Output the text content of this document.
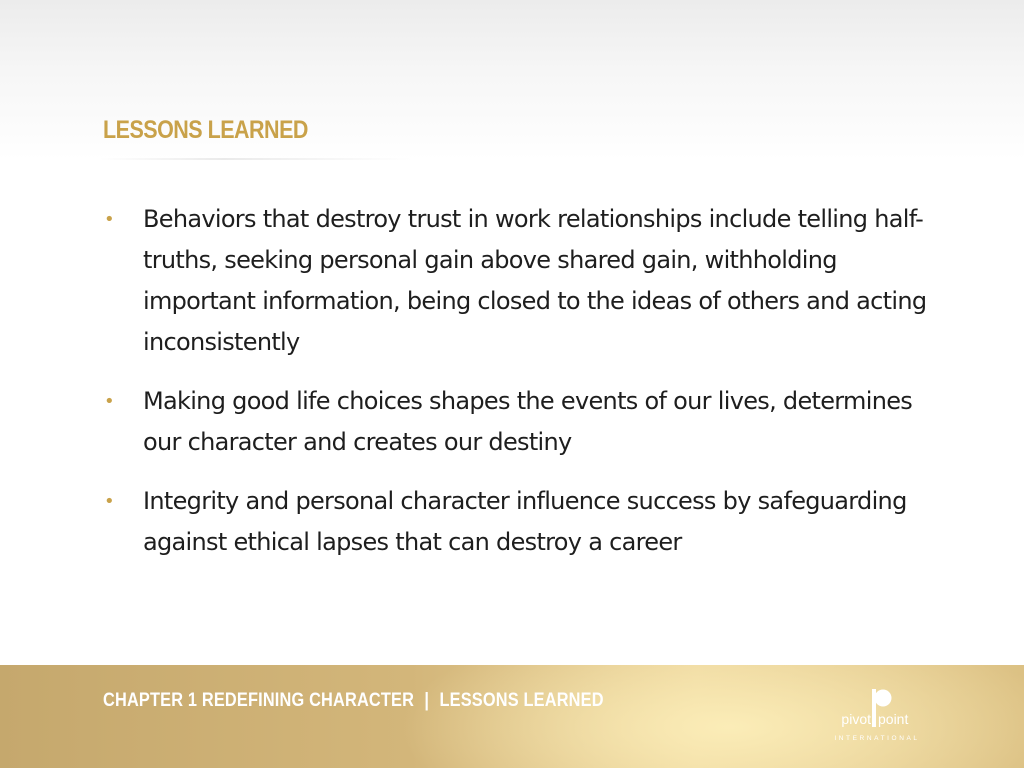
LESSONS LEARNED
• Behaviors that destroy trust in work relationships include telling half-truths, seeking personal gain above shared gain, withholding important information, being closed to the ideas of others and acting inconsistently
• Making good life choices shapes the events of our lives, determines our character and creates our destiny
• Integrity and personal character influence success by safeguarding against ethical lapses that can destroy a career
CHAPTER 1 REDEFINING CHARACTER | LESSONS LEARNED
pivot point
INTERNATIONAL
